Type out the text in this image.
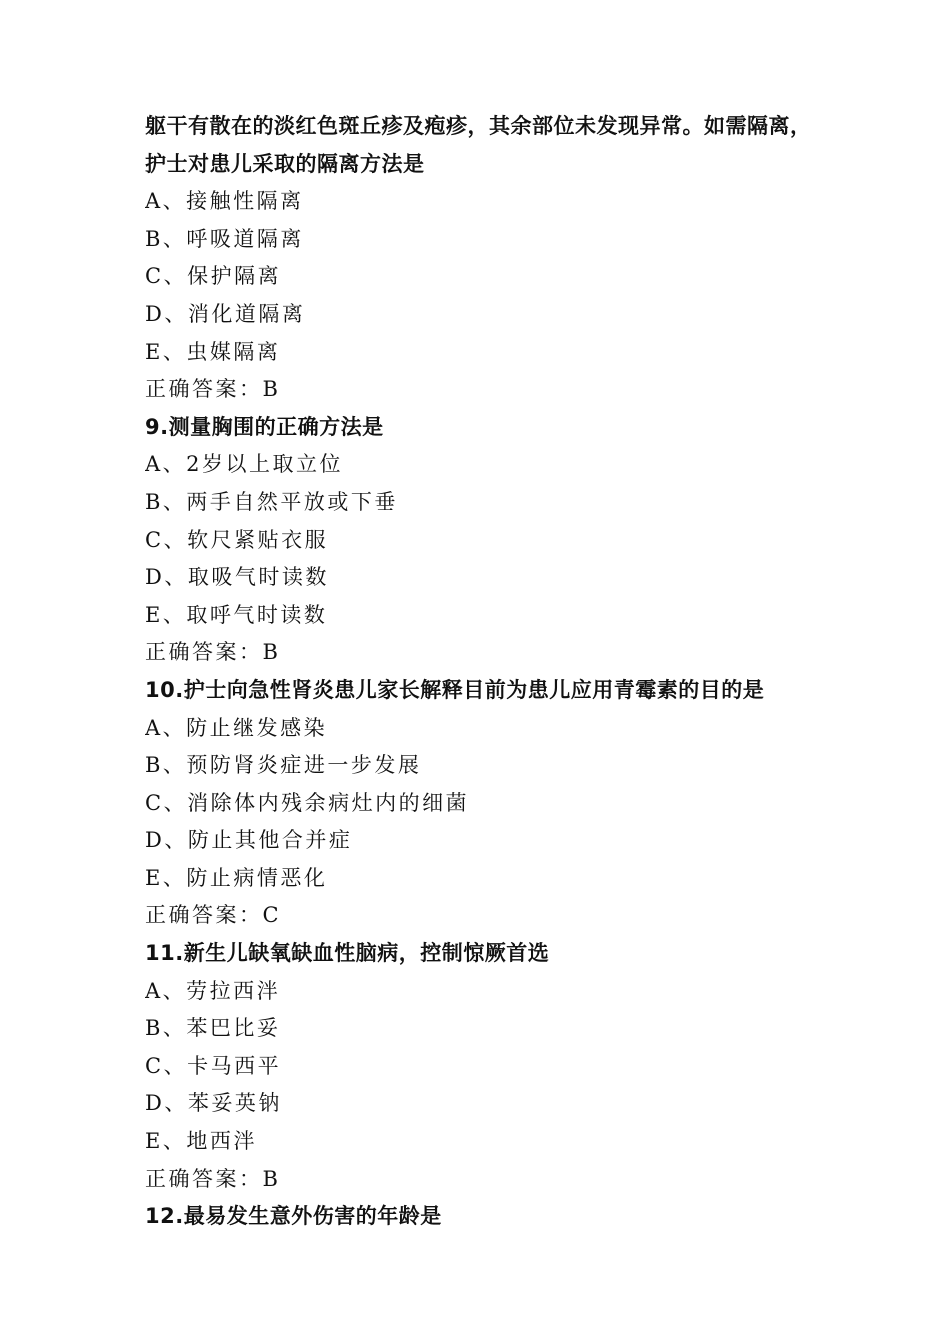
躯干有散在的淡红色斑丘疹及疱疹，其余部位未发现异常。如需隔离，护士对患儿采取的隔离方法是
A、接触性隔离
B、呼吸道隔离
C、保护隔离
D、消化道隔离
E、虫媒隔离
正确答案：B
9.测量胸围的正确方法是
A、2岁以上取立位
B、两手自然平放或下垂
C、软尺紧贴衣服
D、取吸气时读数
E、取呼气时读数
正确答案：B
10.护士向急性肾炎患儿家长解释目前为患儿应用青霉素的目的是
A、防止继发感染
B、预防肾炎症进一步发展
C、消除体内残余病灶内的细菌
D、防止其他合并症
E、防止病情恶化
正确答案：C
11.新生儿缺氧缺血性脑病，控制惊厥首选
A、劳拉西泮
B、苯巴比妥
C、卡马西平
D、苯妥英钠
E、地西泮
正确答案：B
12.最易发生意外伤害的年龄是
